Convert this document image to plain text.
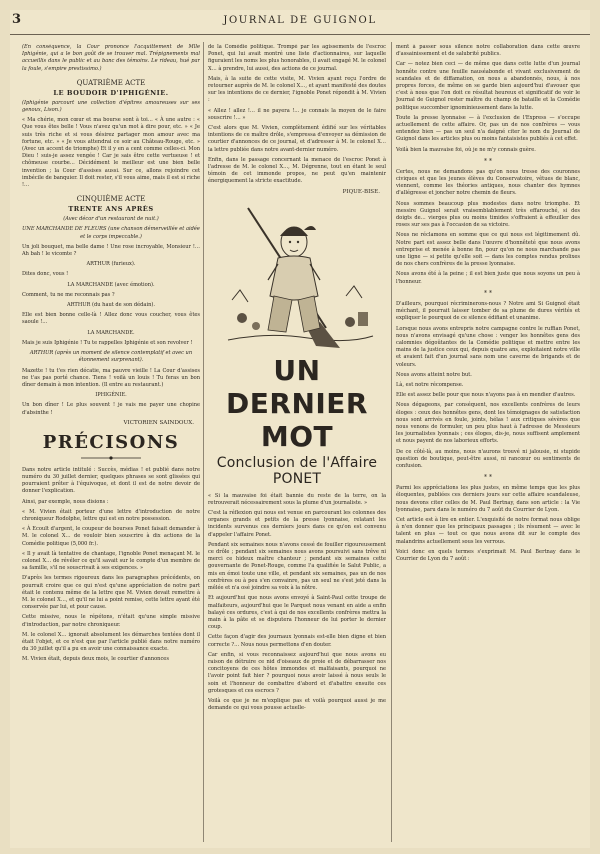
3	JOURNAL DE GUIGNOL

(En conséquence, la Cour prononce l'acquittement de Mlle Iphigénie, qui a le bon goût de se trouver mal. Trépignements mal accueillis dans le public et au banc des témoins. Le rideau, hué par la foule, s'empire prestissimo.)

QUATRIÈME ACTE
LE BOUDOIR D'IPHIGÉNIE.

(Iphigénie parcourt une collection d'épitres amoureuses sur ses genoux, Lison.)

« Ma chérie, mon cœur et ma bourse sont à toi… « À une autre : « Que vous êtes belle ! Vous n'avez qu'un mot à dire pour, etc. » « Je suis très riche et si vous désirez partager mon amour avec ma fortune, etc. » « Je vous attendrai ce soir au Château-Rouge, etc. » (Avec un accent de triomphe) Et il y en a cent comme celles-ci. Mon Dieu ! suis-je assez vengée ! Car je sais être cette vertueuse ! et chômeuse courbe… Décidément le meilleur est une bien belle invention ; la Cour d'assises aussi. Sur ce, allons rejoindre cet imbécile de banquier. Il doit rester, s'il vous aime, mais il est si riche !…

CINQUIÈME ACTE
TRENTE ANS APRÈS

(Avec décor d'un restaurant de nuit.)

UNE MARCHANDE DE FLEURS (une chanson démerveillée et aidée et le corps impeccable.)

Un joli bouquet, ma belle dame ! Une rose incroyable, Monsieur !… Ah bah ! le vicomte ?

ARTHUR (furieux).

Dites donc, vous !

LA MARCHANDE (avec émotion).

Comment, tu ne me reconnais pas ?

ARTHUR (du haut de son dédain).

Elle est bien bonne celle-là ! Allez donc vous coucher, vous êtes saoule !…

LA MARCHANDE.

Mais je suis Iphigénie ! Tu te rappelles Iphigénie et son revolver !

ARTHUR (après un moment de silence contemplatif et avec un étonnement surprenant).

Mazette ! tu t'es rien décatie, ma pauvre vieille ! La Cour d'assises ne t'as pas porté chance. Tiens ! voilà un louis ! Tu feras un bon dîner demain à mon intention. (Il entre au restaurant.)

IPHIGÉNIE.

Un bon dîner ! Le plus souvent ! je vais me payer une chopine d'absinthe !

VICTORIEN SAINDOUX.
PRÉCISONS

Dans notre article intitulé : Succès, médias ! et publié dans notre numéro du 30 juillet dernier, quelques phrases se sont glissées qui pourraient prêter à l'équivoque, et dont il est de notre devoir de donner l'explication.

Ainsi, par exemple, nous disions :

« M. Vivien était porteur d'une lettre d'introduction de notre chroniqueur Rodolphe, lettre qui est en notre possession.

« À Ecoult d'argent, le coupeur de bourses Ponet faisait demander à M. le colonel X… de vouloir bien souscrire à dix actions de la Comédie politique (5,000 fr.).

« Il y avait là tentative de chantage, l'ignoble Ponet menaçant M. le colonel X… de révéler ce qu'il savait sur le compte d'un membre de sa famille, s'il ne souscrivait à ses exigences. »

D'après les termes rigoureux dans les paragraphes précédents, on pourrait croire que ce qui n'est qu'une appréciation de notre part était le contenu même de la lettre que M. Vivien devait remettre à M. le colonel X…, et qu'il ne lui a point remise, cette lettre ayant été conservée par lui, et pour cause.

Cette missive, nous le répétons, n'était qu'une simple missive d'introduction, par notre chroniqueur.

M. le colonel X… ignorait absolument les démarches tentées dont il était l'objet, et ce n'est que par l'article publié dans notre numéro du 30 juillet qu'il a pu en avoir une connaissance exacte.

M. Vivien était, depuis deux mois, le courtier d'annonces

de la Comédie politique. Trompé par les agissements de l'escroc Ponet, qui lui avait montré une liste d'actionnaires, sur laquelle figuraient les noms les plus honorables, il avait engagé M. le colonel X… à prendre, lui aussi, des actions de ce journal.

Mais, à la suite de cette visite, M. Vivien ayant reçu l'ordre de retourner auprès de M. le colonel X…, et ayant manifesté des doutes sur les intentions de ce dernier, l'ignoble Ponet répondit à M. Vivien :

« Allez ! allez !… il ne payera !… je connais la moyen de le faire souscrire !… »

C'est alors que M. Vivien, complètement édifié sur les véritables intentions de ce maître drôle, s'empressa d'envoyer sa démission de courtier d'annonces de ce journal, et d'adresser à M. le colonel X… la lettre publiée dans notre avant-dernier numéro.

Enfin, dans le passage concernant la menace de l'escroc Ponet à l'adresse de M. le colonel X…, M. Dégrenne, tout en étant le seul témoin de cet immonde propos, ne peut qu'en maintenir énergiquement la stricte exactitude.

PIQUE-BISE.
UN DERNIER MOT
Conclusion de l'Affaire PONET

« Si la mauvaise foi était bannie du reste de la terre, on la retrouverait nécessairement sous la plume d'un journaliste. »

C'est la réflexion qui nous est venue en parcourant les colonnes des organes grands et petits de la presse lyonnaise, relatant les incidents survenus ces derniers jours dans ce qu'on est convenu d'appeler l'affaire Ponet.

Pendant six semaines nous n'avons cessé de fouiller rigoureusement ce drôle ; pendant six semaines nous avons poursuivi sans trêve ni merci ce hideux maître chanteur ; pendant six semaines cette gouvernante de Ponet-Rouge, comme l'a qualifiée le Salut Public, a mis en émoi toute une ville, et pendant six semaines, pas un de nos confrères ou à peu s'en convainre, pas un seul ne s'est jeté dans la mêlée et n'a osé joindre sa voix à la nôtre.

Et aujourd'hui que nous avons envoyé à Saint-Paul cette troupe de malfaiteurs, aujourd'hui que le Parquet nous venant en aide a enfin balayé ces ordures, c'est à qui de nos excellents confrères mettra la main à la pâte et se disputera l'honneur de lui porter le dernier coup.

Cette façon d'agir des journaux lyonnais est-elle bien digne et bien correcte ?… Nous nous permettons d'en douter.

Car enfin, si vous reconnaissez aujourd'hui que nous avons eu raison de détruire ce nid d'oiseaux de proie et de débarrasser nos concitoyens de ces hôtes immondes et malfaisants, pourquoi ne l'avoir point fait hier ? pourquoi nous avoir laissé à nous seuls le soin et l'honneur de combattre d'abord et d'abattre ensuite ces grotesques et ces escrocs ?

Voilà ce que je ne m'explique pas et voilà pourquoi aussi je me demande ce qui vous pousse actuelle-

ment à passer sous silence notre collaboration dans cette œuvre d'assainissement et de salubrité publics.

Car — notez bien ceci — de même que dans cette lutte d'un journal honnête contre une feuille nauséabonde et vivant exclusivement de scandales et de diffamation, on nous a abandonnés, nous, à nos propres forces, de même on se garde bien aujourd'hui d'avouer que c'est à nous que l'on doit ce résultat heureux et significatif de voir le Journal de Guignol rester maître du champ de bataille et la Comédie politique succomber ignominieusement dans la lutte.

Toute la presse lyonnaise — à l'exclusion de l'Express — s'occupe actuellement de cette affaire. Or, pas un de nos confrères — vous entendez bien — pas un seul n'a daigné citer le nom du Journal de Guignol dans les articles plus ou moins fantaisistes publiés à cet effet.

Voilà bien la mauvaise foi, où je ne m'y connais guère.

* *

Certes, nous ne demandons pas qu'on nous tresse des couronnes civiques et que les jeunes élèves du Conservatoire, vêtues de blanc, viennent, comme les théories antiques, nous chanter des hymnes d'allégresse et joncher notre chemin de fleurs.

Nous sommes beaucoup plus modestes dans notre triomphe. Et messire Guignol serait vraisemblablement très effarouché, si des doigts de… vierges plus ou moins timides s'offraient à effeuiller des roses sur ses pas à l'occasion de sa victoire.

Nous ne réclamons en somme que ce qui nous est légitimement dû. Notre part est assez belle dans l'œuvre d'honnêteté que nous avons entreprise et menée à bonne fin, pour qu'on ne nous marchande pas une ligne — si petite qu'elle soit — dans les comptes rendus prolixes de nos chers confrères de la presse lyonnaise.

Nous avons été à la peine ; il est bien juste que nous soyons un peu à l'honneur.

* *

D'ailleurs, pourquoi récriminerons-nous ? Notre ami Si Guignol était méchant, il pourrait laisser tomber de sa plume de dures vérités et expliquer le pourquoi de ce silence édifiant et unanime.

Lorsque nous avons entrepris notre campagne contre le ruffian Ponet, nous n'avons envisagé qu'une chose : venger les honnêtes gens des calomnies dégoûtantes de la Comédie politique et mettre entre les mains de la justice ceux qui, depuis quatre ans, exploitaient notre ville et avaient fait d'un journal sans nom une caverne de brigands et de voleurs.

Nous avons atteint notre but.

Là, est notre récompense.

Elle est assez belle pour que nous n'ayons pas à en mendier d'autres.

Nous dégageons, par conséquent, nos excellents confrères de leurs éloges : ceux des honnêtes gens, dont les témoignages de satisfaction nous sont arrivés en foule, joints, hélas ! aux critiques sévères que nous venons de formuler, un peu plus haut à l'adresse de Messieurs les journalistes lyonnais ; ces éloges, dis-je, nous suffisent amplement et nous payent de nos laborieux efforts.

De ce côté-là, au moins, nous n'aurons trouvé ni jalousie, ni stupide question de boutique, peut-être aussi, ni rancœur ou sentiments de confusion.

* *

Parmi les appréciations les plus justes, en même temps que les plus éloquentes, publiées ces derniers jours sur cette affaire scandaleuse, nous devons citer celles de M. Paul Bertnay, dans son article : la Vie lyonnaise, paru dans le numéro du 7 août du Courrier de Lyon.

Cet article est à lire en entier. L'exquisité de notre format nous oblige à n'en donner que les principaux passages ; ils résument — avec le talent en plus — tout ce que nous avons dit sur le compte des malandrins actuellement sous les verrous.

Voici donc en quels termes s'exprimait M. Paul Bertnay dans le Courrier de Lyon du 7 août :
